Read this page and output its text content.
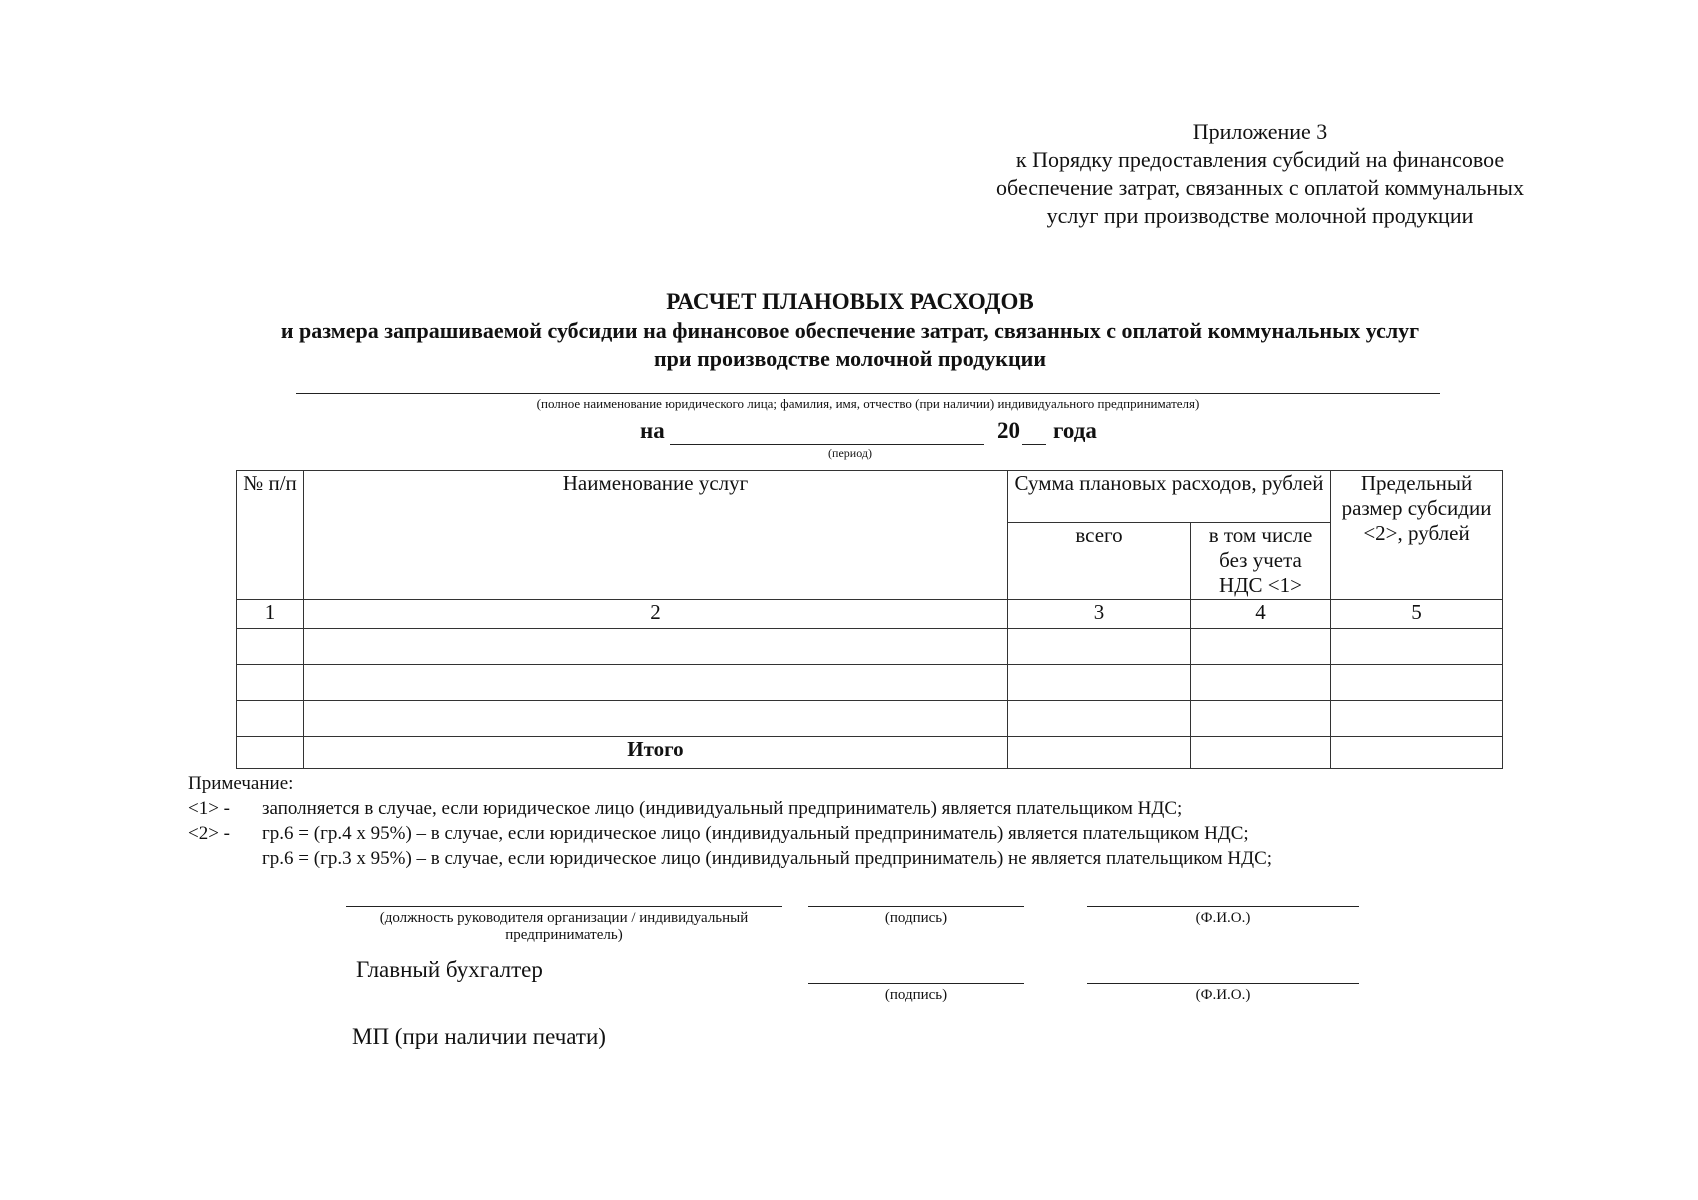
Приложение 3
к Порядку предоставления субсидий на финансовое
обеспечение затрат, связанных с оплатой коммунальных
услуг при производстве молочной продукции
РАСЧЕТ ПЛАНОВЫХ РАСХОДОВ
и размера запрашиваемой субсидии на финансовое обеспечение затрат, связанных с оплатой коммунальных услуг
при производстве молочной продукции
(полное наименование юридического лица; фамилия, имя, отчество (при наличии) индивидуального предпринимателя)
на	20 года
(период)
№ п/п	Наименование услуг	Сумма плановых расходов, рублей		Предельный размер субсидии <2>, рублей
		всего	в том числе без учета НДС <1>	
1	2	3	4	5

	Итого			
Примечание:
<1> - заполняется в случае, если юридическое лицо (индивидуальный предприниматель) является плательщиком НДС;
<2> - гр.6 = (гр.4 х 95%) – в случае, если юридическое лицо (индивидуальный предприниматель) является плательщиком НДС;
гр.6 = (гр.3 х 95%) – в случае, если юридическое лицо (индивидуальный предприниматель) не является плательщиком НДС;
(должность руководителя организации / индивидуальный
предприниматель)
(подпись)	(Ф.И.О.)
Главный бухгалтер
(подпись)	(Ф.И.О.)
МП (при наличии печати)
